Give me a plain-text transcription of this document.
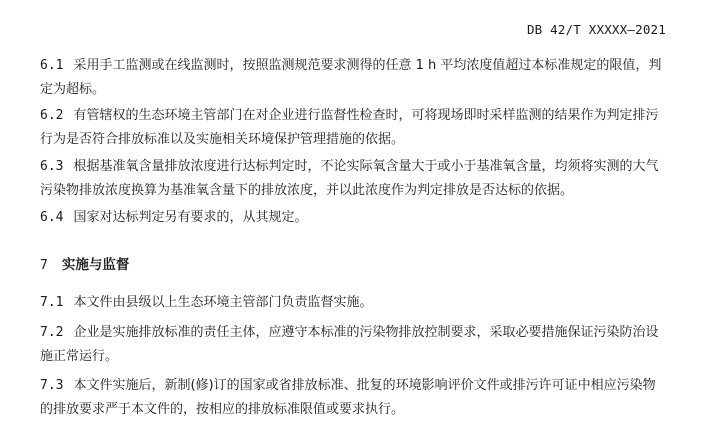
DB 42/T XXXXX—2021
6.1 采用手工监测或在线监测时，按照监测规范要求测得的任意 1 h 平均浓度值超过本标准规定的限值，判定为超标。
6.2 有管辖权的生态环境主管部门在对企业进行监督性检查时，可将现场即时采样监测的结果作为判定排污行为是否符合排放标准以及实施相关环境保护管理措施的依据。
6.3 根据基准氧含量排放浓度进行达标判定时，不论实际氧含量大于或小于基准氧含量，均须将实测的大气污染物排放浓度换算为基准氧含量下的排放浓度，并以此浓度作为判定排放是否达标的依据。
6.4 国家对达标判定另有要求的，从其规定。
7 实施与监督
7.1 本文件由县级以上生态环境主管部门负责监督实施。
7.2 企业是实施排放标准的责任主体，应遵守本标准的污染物排放控制要求，采取必要措施保证污染防治设施正常运行。
7.3 本文件实施后，新制(修)订的国家或省排放标准、批复的环境影响评价文件或排污许可证中相应污染物的排放要求严于本文件的，按相应的排放标准限值或要求执行。
